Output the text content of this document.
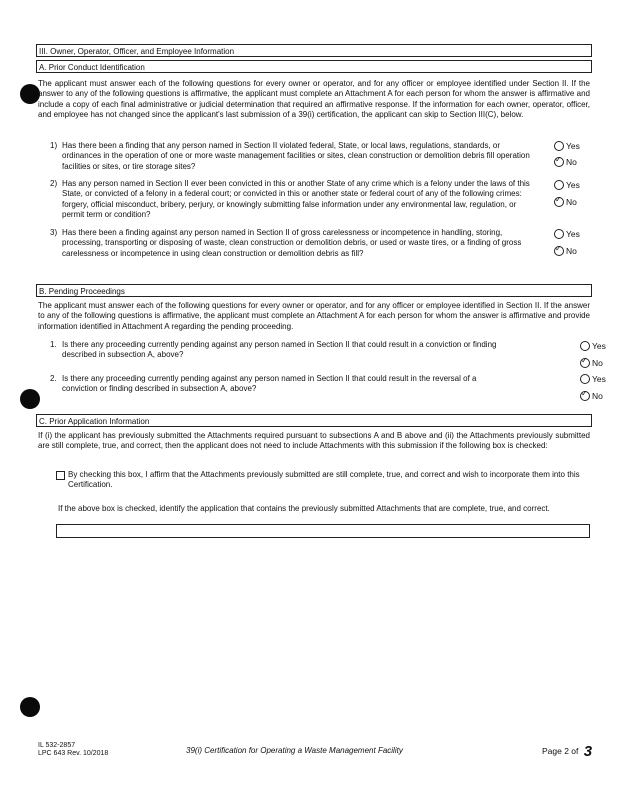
III. Owner, Operator, Officer, and Employee Information
A. Prior Conduct Identification
The applicant must answer each of the following questions for every owner or operator, and for any officer or employee identified under Section II. If the answer to any of the following questions is affirmative, the applicant must complete an Attachment A for each person for whom the answer is affirmative and include a copy of each final administrative or judicial determination that required an affirmative response. If the information for each owner, operator, officer, and employee has not changed since the applicant's last submission of a 39(i) certification, the applicant can skip to Section III(C), below.
1) Has there been a finding that any person named in Section II violated federal, State, or local laws, regulations, standards, or ordinances in the operation of one or more waste management facilities or sites, clean construction or demolition debris fill operation facilities or sites, or tire storage sites?
Yes
✓No
2) Has any person named in Section II ever been convicted in this or another State of any crime which is a felony under the laws of this State, or convicted of a felony in a federal court; or convicted in this or another state or federal court of any of the following crimes: forgery, official misconduct, bribery, perjury, or knowingly submitting false information under any environmental law, regulation, or permit term or condition?
Yes
✓No
3) Has there been a finding against any person named in Section II of gross carelessness or incompetence in handling, storing, processing, transporting or disposing of waste, clean construction or demolition debris, or used or waste tires, or a finding of gross carelessness or incompetence in using clean construction or demolition debris as fill?
Yes
✓No
B. Pending Proceedings
The applicant must answer each of the following questions for every owner or operator, and for any officer or employee identified in Section II. If the answer to any of the following questions is affirmative, the applicant must complete an Attachment A for each person for whom the answer is affirmative and provide information identified in Attachment A regarding the pending proceeding.
1. Is there any proceeding currently pending against any person named in Section II that could result in a conviction or finding described in subsection A, above?
Yes
✓No
2. Is there any proceeding currently pending against any person named in Section II that could result in the reversal of a conviction or finding described in subsection A, above?
Yes
✓No
C. Prior Application Information
If (i) the applicant has previously submitted the Attachments required pursuant to subsections A and B above and (ii) the Attachments previously submitted are still complete, true, and correct, then the applicant does not need to include Attachments with this submission if the following box is checked:
By checking this box, I affirm that the Attachments previously submitted are still complete, true, and correct and wish to incorporate them into this Certification.
If the above box is checked, identify the application that contains the previously submitted Attachments that are complete, true, and correct.
IL 532-2857
LPC 643 Rev. 10/2018	39(i) Certification for Operating a Waste Management Facility	Page 2 of 3
